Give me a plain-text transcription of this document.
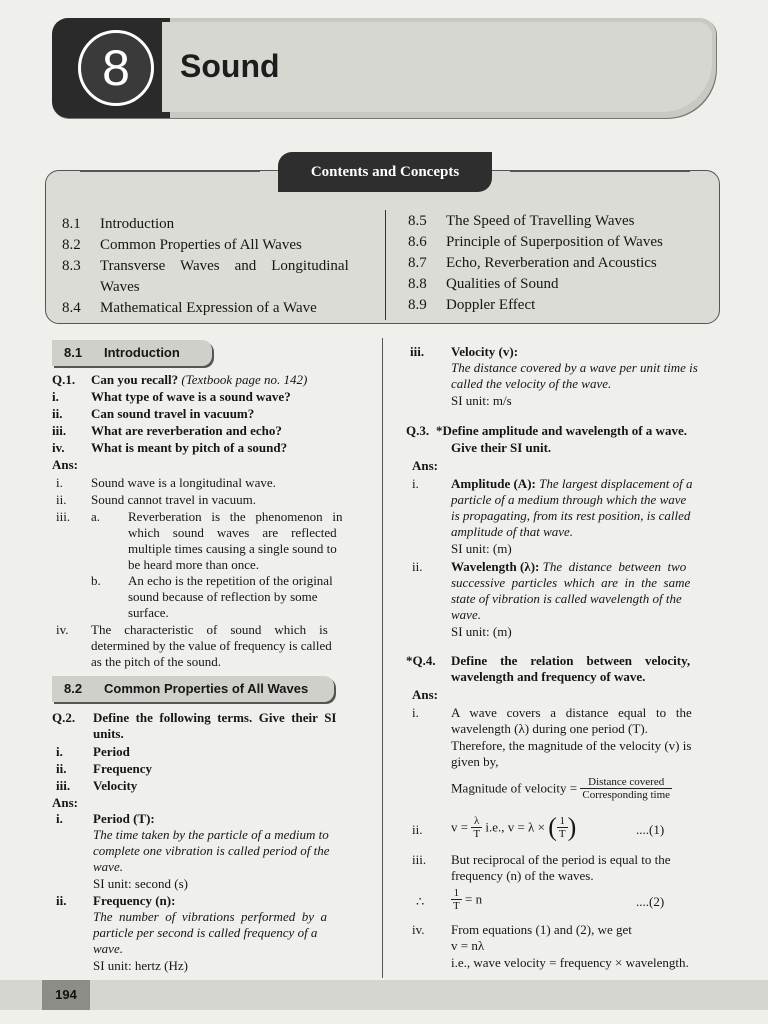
8	Sound
Contents and Concepts
8.1	Introduction
8.2	Common Properties of All Waves
8.3	Transverse    Waves    and    Longitudinal
Waves
8.4	Mathematical Expression of a Wave
8.5	The Speed of Travelling Waves
8.6	Principle of Superposition of Waves
8.7	Echo, Reverberation and Acoustics
8.8	Qualities of Sound
8.9	Doppler Effect
8.1 Introduction
Q.1. Can you recall? (Textbook page no. 142)
i. What type of wave is a sound wave?
ii. Can sound travel in vacuum?
iii. What are reverberation and echo?
iv. What is meant by pitch of a sound?
Ans:
i. Sound wave is a longitudinal wave.
ii. Sound cannot travel in vacuum.
iii. a. Reverberation   is   the   phenomenon   in
which    sound    waves    are    reflected
multiple times causing a single sound to
be heard more than once.
b. An echo is the repetition of the original
sound because of reflection by some
surface.
iv. The    characteristic    of    sound    which    is
determined by the value of frequency is called
as the pitch of the sound.
8.2 Common Properties of All Waves
Q.2. Define  the  following  terms.  Give  their  SI
units.
i. Period
ii. Frequency
iii. Velocity
Ans:
i. Period (T):
The time taken by the particle of a medium to
complete one vibration is called period of the
wave.
SI unit: second (s)
ii. Frequency (n):
The  number  of  vibrations  performed  by  a
particle per second is called frequency of a
wave.
SI unit: hertz (Hz)
iii. Velocity (v):
The distance covered by a wave per unit time is
called the velocity of the wave.
SI unit: m/s
Q.3. *Define amplitude and wavelength of a wave.
Give their SI unit.
Ans:
i. Amplitude (A): The largest displacement of a
particle of a medium through which the wave
is propagating, from its rest position, is called
amplitude of that wave.
SI unit: (m)
ii. Wavelength (λ): The  distance  between  two
successive  particles  which  are  in  the  same
state of vibration is called wavelength of the
wave.
SI unit: (m)
*Q.4. Define    the    relation    between    velocity,
wavelength and frequency of wave.
Ans:
i. A   wave   covers   a   distance   equal   to   the
wavelength (λ) during one period (T).
Therefore, the magnitude of the velocity (v) is
given by,
Magnitude of velocity = $\frac{\text{Distance covered}}{\text{Corresponding time}}$
ii. $v = \frac{\lambda}{T} i.e$., v = λ × ( $\frac{1}{T}$ )	....(1)
iii. But reciprocal of the period is equal to the
frequency (n) of the waves.
∴ $\frac{1}{T} = n$	....(2)
iv. From equations (1) and (2), we get
v = nλ
i.e., wave velocity = frequency × wavelength.
194
